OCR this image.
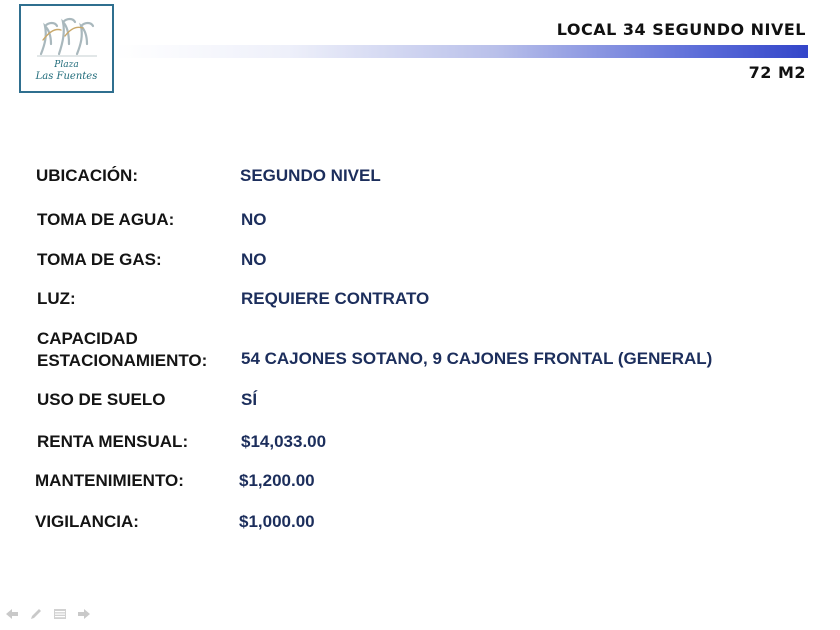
Plaza
Las Fuentes
LOCAL 34 SEGUNDO NIVEL
72 M2
UBICACIÓN:	SEGUNDO NIVEL
TOMA DE AGUA:	NO
TOMA DE GAS:	NO
LUZ:	REQUIERE CONTRATO
CAPACIDAD
ESTACIONAMIENTO: 54 CAJONES SOTANO, 9 CAJONES FRONTAL (GENERAL)
USO DE SUELO	SÍ
RENTA MENSUAL:	$14,033.00
MANTENIMIENTO:	$1,200.00
VIGILANCIA:	$1,000.00
